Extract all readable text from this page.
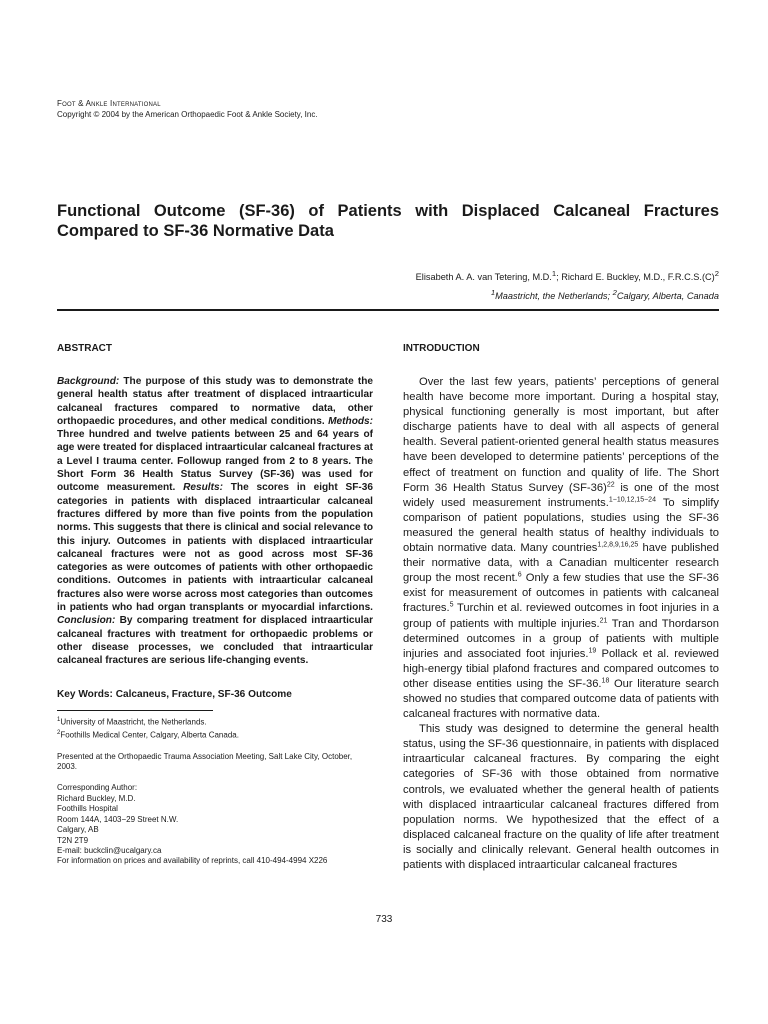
Foot & Ankle International
Copyright © 2004 by the American Orthopaedic Foot & Ankle Society, Inc.
Functional Outcome (SF-36) of Patients with Displaced Calcaneal Fractures Compared to SF-36 Normative Data
Elisabeth A. A. van Tetering, M.D.$^1$; Richard E. Buckley, M.D., $F.R.C.S.(C)^2$
$^1$Maastricht, the Netherlands; $^2$Calgary, Alberta, Canada
ABSTRACT

Background: The purpose of this study was to demonstrate the general health status after treatment of displaced intraarticular calcaneal fractures compared to normative data, other orthopaedic procedures, and other medical conditions. Methods: Three hundred and twelve patients between 25 and 64 years of age were treated for displaced intraarticular calcaneal fractures at a Level I trauma center. Followup ranged from 2 to 8 years. The Short Form 36 Health Status Survey (SF-36) was used for outcome measurement. Results: The scores in eight SF-36 categories in patients with displaced intraarticular calcaneal fractures differed by more than five points from the population norms. This suggests that there is clinical and social relevance to this injury. Outcomes in patients with displaced intraarticular calcaneal fractures were not as good across most SF-36 categories as were outcomes of patients with other orthopaedic conditions. Outcomes in patients with intraarticular calcaneal fractures also were worse across most categories than outcomes in patients who had organ transplants or myocardial infarctions. Conclusion: By comparing treatment for displaced intraarticular calcaneal fractures with treatment for orthopaedic problems or other disease processes, we concluded that intraarticular calcaneal fractures are serious life-changing events.

Key Words: Calcaneus, Fracture, SF-36 Outcome

$^1$University of Maastricht, the Netherlands.

$^2$Foothills Medical Center, Calgary, Alberta Canada.

Presented at the Orthopaedic Trauma Association Meeting, Salt Lake City, October, 2003.

Corresponding Author:
Richard Buckley, M.D.
Foothills Hospital
Room 144A, 1403−29 Street N.W.
Calgary, AB
T2N 2T9
E-mail: buckclin@ucalgary.ca
For information on prices and availability of reprints, call 410-494-4994 X226
INTRODUCTION

Over the last few years, patients’ perceptions of general health have become more important. During a hospital stay, physical functioning generally is most important, but after discharge patients have to deal with all aspects of general health. Several patient-oriented general health status measures have been developed to determine patients’ perceptions of the effect of treatment on function and quality of life. The Short Form 36 Health Status Survey $(SF-36)^{22}$ is one of the most widely used measurement instruments.$^{1-10,12,15-24}$ To simplify comparison of patient populations, studies using the SF-36 measured the general health status of healthy individuals to obtain normative data. Many countries$^{1,2,8,9,16,25}$ have published their normative data, with a Canadian multicenter research group the most recent.$^6$ Only a few studies that use the SF-36 exist for measurement of outcomes in patients with calcaneal fractures.$^5$ Turchin et al. reviewed outcomes in foot injuries in a group of patients with multiple injuries.$^{21}$ Tran and Thordarson determined outcomes in a group of patients with multiple injuries and associated foot injuries.$^{19}$ Pollack et al. reviewed high-energy tibial plafond fractures and compared outcomes to other disease entities using the SF-36.18 Our literature search showed no studies that compared outcome data of patients with calcaneal fractures with normative data.

This study was designed to determine the general health status, using the SF-36 questionnaire, in patients with displaced intraarticular calcaneal fractures. By comparing the eight categories of SF-36 with those obtained from normative controls, we evaluated whether the general health of patients with displaced intraarticular calcaneal fractures differed from population norms. We hypothesized that the effect of a displaced calcaneal fracture on the quality of life after treatment is socially and clinically relevant. General health outcomes in patients with displaced intraarticular calcaneal fractures

733
